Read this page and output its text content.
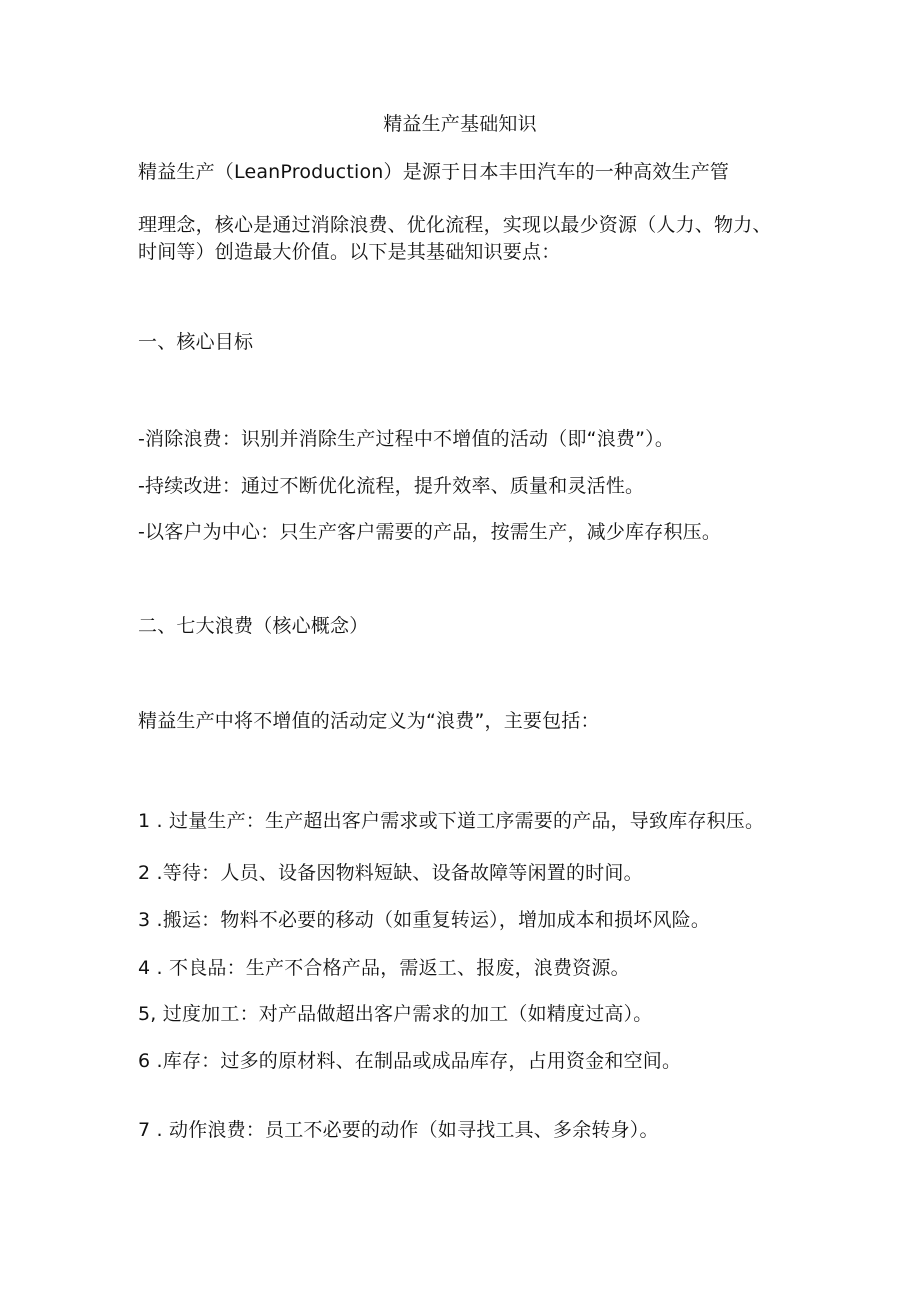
精益生产基础知识
精益生产（LeanProduction）是源于日本丰田汽车的一种高效生产管
理理念，核心是通过消除浪费、优化流程，实现以最少资源（人力、物力、
时间等）创造最大价值。以下是其基础知识要点：
一、核心目标
-消除浪费：识别并消除生产过程中不增值的活动（即“浪费”）。
-持续改进：通过不断优化流程，提升效率、质量和灵活性。
-以客户为中心：只生产客户需要的产品，按需生产，减少库存积压。
二、七大浪费（核心概念）
精益生产中将不增值的活动定义为“浪费”，主要包括：
1 . 过量生产：生产超出客户需求或下道工序需要的产品，导致库存积压。
2 .等待：人员、设备因物料短缺、设备故障等闲置的时间。
3 .搬运：物料不必要的移动（如重复转运），增加成本和损坏风险。
4 . 不良品：生产不合格产品，需返工、报废，浪费资源。
5, 过度加工：对产品做超出客户需求的加工（如精度过高）。
6 .库存：过多的原材料、在制品或成品库存，占用资金和空间。
7 . 动作浪费：员工不必要的动作（如寻找工具、多余转身）。
